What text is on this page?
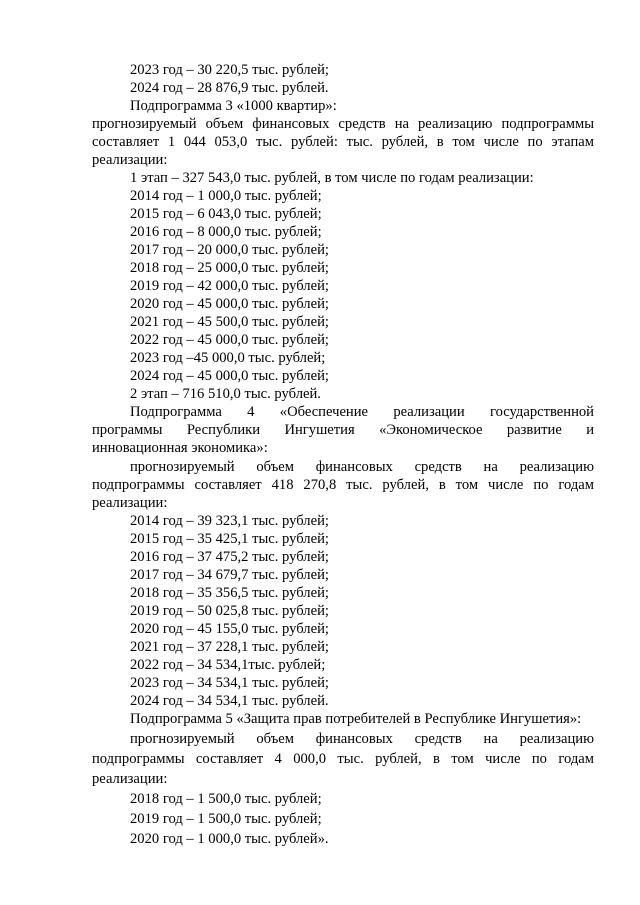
2023 год – 30 220,5 тыс. рублей;
2024 год – 28 876,9 тыс. рублей.
Подпрограмма 3 «1000 квартир»:
прогнозируемый объем финансовых средств на реализацию подпрограммы
составляет 1 044 053,0 тыс. рублей: тыс. рублей, в том числе по этапам
реализации:
1 этап – 327 543,0 тыс. рублей, в том числе по годам реализации:
2014 год – 1 000,0 тыс. рублей;
2015 год – 6 043,0 тыс. рублей;
2016 год – 8 000,0 тыс. рублей;
2017 год – 20 000,0 тыс. рублей;
2018 год – 25 000,0 тыс. рублей;
2019 год – 42 000,0 тыс. рублей;
2020 год – 45 000,0 тыс. рублей;
2021 год – 45 500,0 тыс. рублей;
2022 год – 45 000,0 тыс. рублей;
2023 год –45 000,0 тыс. рублей;
2024 год – 45 000,0 тыс. рублей;
2 этап – 716 510,0 тыс. рублей.
Подпрограмма 4 «Обеспечение реализации государственной
программы Республики Ингушетия «Экономическое развитие и
инновационная экономика»:
прогнозируемый объем финансовых средств на реализацию
подпрограммы составляет 418 270,8 тыс. рублей, в том числе по годам
реализации:
2014 год – 39 323,1 тыс. рублей;
2015 год – 35 425,1 тыс. рублей;
2016 год – 37 475,2 тыс. рублей;
2017 год – 34 679,7 тыс. рублей;
2018 год – 35 356,5 тыс. рублей;
2019 год – 50 025,8 тыс. рублей;
2020 год – 45 155,0 тыс. рублей;
2021 год – 37 228,1 тыс. рублей;
2022 год – 34 534,1тыс. рублей;
2023 год – 34 534,1 тыс. рублей;
2024 год – 34 534,1 тыс. рублей.
Подпрограмма 5 «Защита прав потребителей в Республике Ингушетия»:
прогнозируемый объем финансовых средств на реализацию
подпрограммы составляет 4 000,0 тыс. рублей, в том числе по годам
реализации:
2018 год – 1 500,0 тыс. рублей;
2019 год – 1 500,0 тыс. рублей;
2020 год – 1 000,0 тыс. рублей».
